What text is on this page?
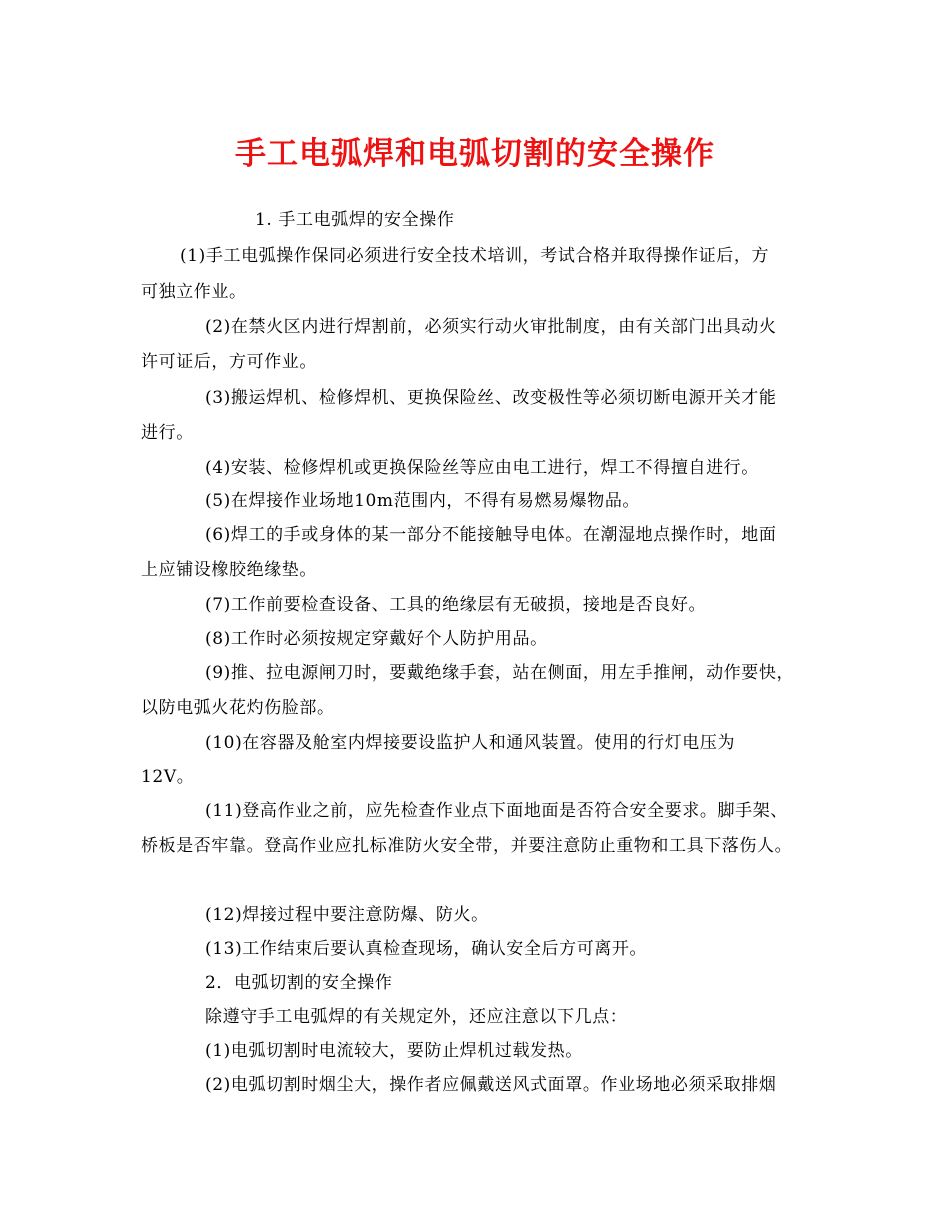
手工电弧焊和电弧切割的安全操作
1. 手工电弧焊的安全操作
(1)手工电弧操作保同必须进行安全技术培训，考试合格并取得操作证后，方
可独立作业。
(2)在禁火区内进行焊割前，必须实行动火审批制度，由有关部门出具动火
许可证后，方可作业。
(3)搬运焊机、检修焊机、更换保险丝、改变极性等必须切断电源开关才能
进行。
(4)安装、检修焊机或更换保险丝等应由电工进行，焊工不得擅自进行。
(5)在焊接作业场地10m范围内，不得有易燃易爆物品。
(6)焊工的手或身体的某一部分不能接触导电体。在潮湿地点操作时，地面
上应铺设橡胶绝缘垫。
(7)工作前要检查设备、工具的绝缘层有无破损，接地是否良好。
(8)工作时必须按规定穿戴好个人防护用品。
(9)推、拉电源闸刀时，要戴绝缘手套，站在侧面，用左手推闸，动作要快，
以防电弧火花灼伤脸部。
(10)在容器及舱室内焊接要设监护人和通风装置。使用的行灯电压为
12V。
(11)登高作业之前，应先检查作业点下面地面是否符合安全要求。脚手架、
桥板是否牢靠。登高作业应扎标准防火安全带，并要注意防止重物和工具下落伤人。
(12)焊接过程中要注意防爆、防火。
(13)工作结束后要认真检查现场，确认安全后方可离开。
2．电弧切割的安全操作
除遵守手工电弧焊的有关规定外，还应注意以下几点：
(1)电弧切割时电流较大，要防止焊机过载发热。
(2)电弧切割时烟尘大，操作者应佩戴送风式面罩。作业场地必须采取排烟
